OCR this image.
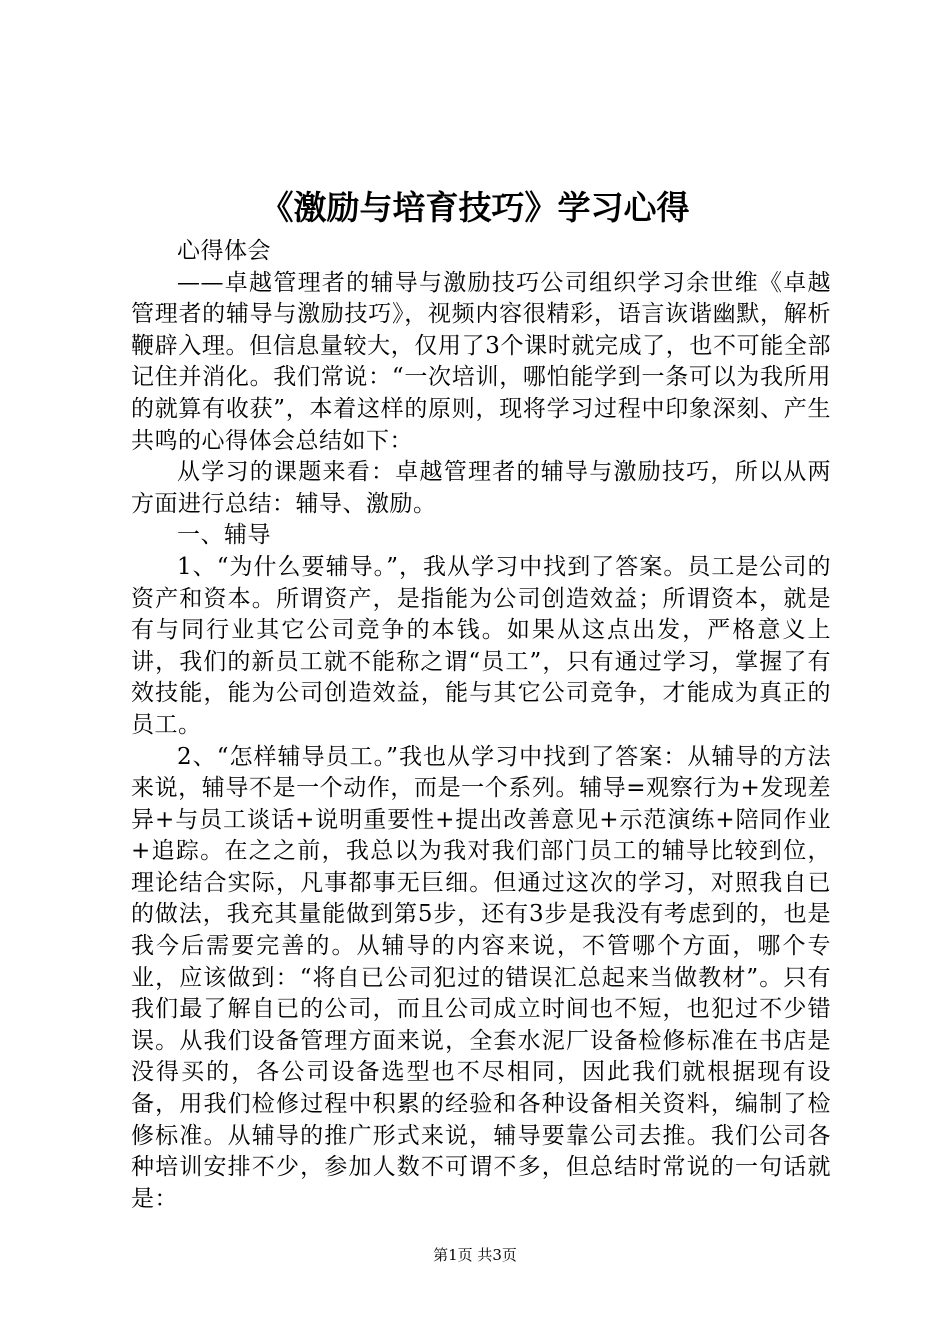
《激励与培育技巧》学习心得

心得体会

——卓越管理者的辅导与激励技巧公司组织学习余世维《卓越管理者的辅导与激励技巧》，视频内容很精彩，语言诙谐幽默，解析鞭辟入理。但信息量较大，仅用了3个课时就完成了，也不可能全部记住并消化。我们常说：“一次培训，哪怕能学到一条可以为我所用的就算有收获”，本着这样的原则，现将学习过程中印象深刻、产生共鸣的心得体会总结如下：

从学习的课题来看：卓越管理者的辅导与激励技巧，所以从两方面进行总结：辅导、激励。

一、辅导

1、“为什么要辅导。”，我从学习中找到了答案。员工是公司的资产和资本。所谓资产，是指能为公司创造效益；所谓资本，就是有与同行业其它公司竞争的本钱。如果从这点出发，严格意义上讲，我们的新员工就不能称之谓“员工”，只有通过学习，掌握了有效技能，能为公司创造效益，能与其它公司竞争，才能成为真正的员工。

2、“怎样辅导员工。”我也从学习中找到了答案：从辅导的方法来说，辅导不是一个动作，而是一个系列。辅导=观察行为+发现差异+与员工谈话+说明重要性+提出改善意见+示范演练+陪同作业+追踪。在之之前，我总以为我对我们部门员工的辅导比较到位，理论结合实际，凡事都事无巨细。但通过这次的学习，对照我自已的做法，我充其量能做到第5步，还有3步是我没有考虑到的，也是我今后需要完善的。从辅导的内容来说，不管哪个方面，哪个专业，应该做到：“将自已公司犯过的错误汇总起来当做教材”。只有我们最了解自已的公司，而且公司成立时间也不短，也犯过不少错误。从我们设备管理方面来说，全套水泥厂设备检修标准在书店是没得买的，各公司设备选型也不尽相同，因此我们就根据现有设备，用我们检修过程中积累的经验和各种设备相关资料，编制了检修标准。从辅导的推广形式来说，辅导要靠公司去推。我们公司各种培训安排不少，参加人数不可谓不多，但总结时常说的一句话就是：

第1页 共3页
